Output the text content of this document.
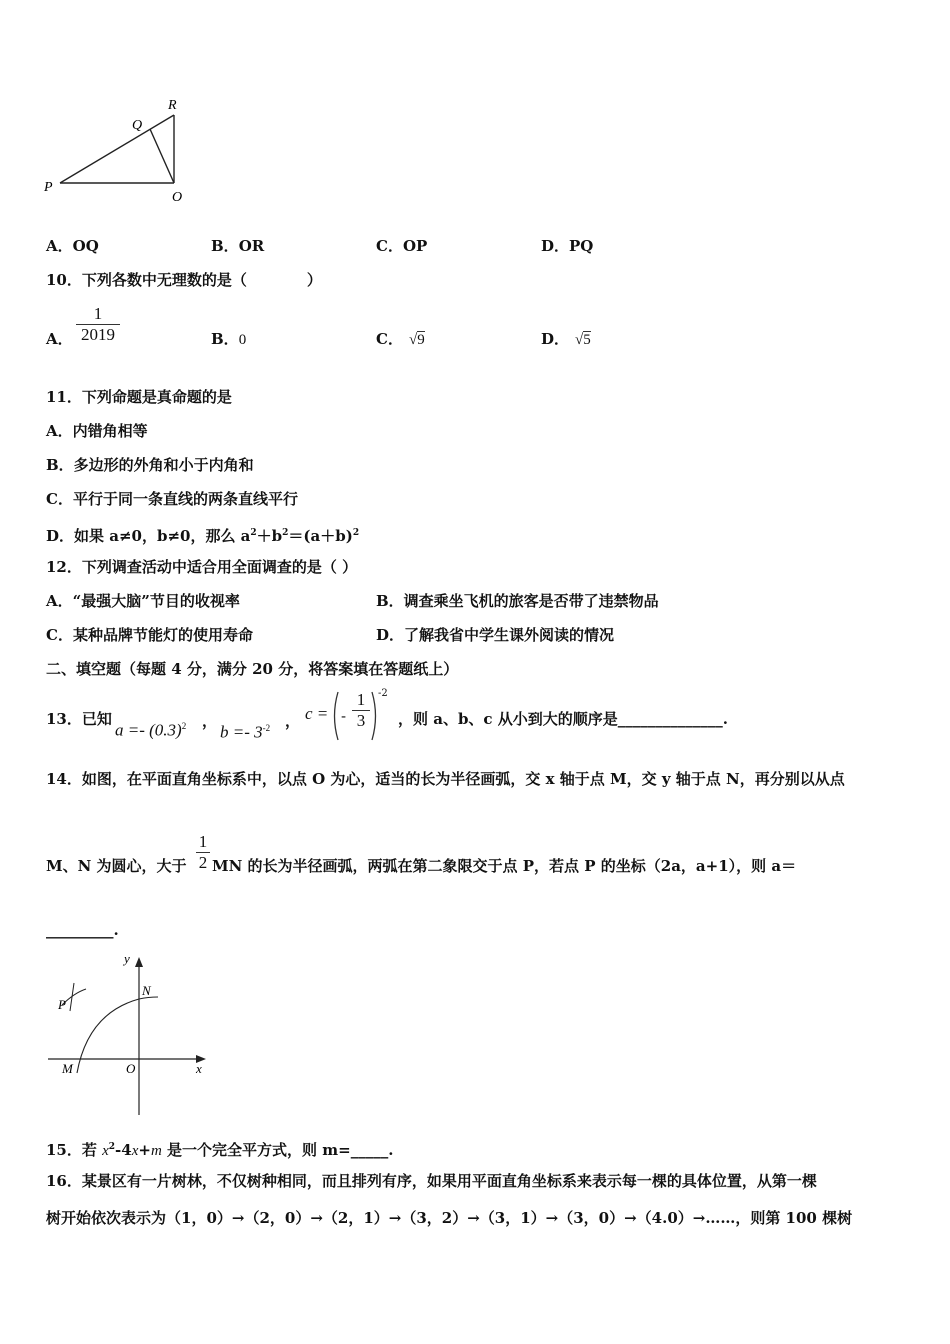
R
Q
P
O
A．OQ	B．OR	C．OP	D．PQ
10．下列各数中无理数的是（　　　　）
A．
1
2019	B．0	C． √9	D． √5
11．下列命题是真命题的是
A．内错角相等
B．多边形的外角和小于内角和
C．平行于同一条直线的两条直线平行
D．如果 a≠0，b≠0，那么 $a^2+b^2=(a+b)^2$
12．下列调查活动中适合用全面调查的是（ ）
A．“最强大脑”节目的收视率	B．调查乘坐飞机的旅客是否带了违禁物品
C．某种品牌节能灯的使用寿命	D．了解我省中学生课外阅读的情况
二、填空题（每题 4 分，满分 20 分，将答案填在答题纸上）
13．已知
$a =- (0.3)^2$ ，
$b =- 3^{-2}$ ， c = -
1
3
-2
，则 a、b、c 从小到大的顺序是______________.
14．如图，在平面直角坐标系中，以点 O 为心，适当的长为半径画弧，交 x 轴于点 M，交 y 轴于点 N，再分别以从点
M、N 为圆心，大于
1
2 MN 的长为半径画弧，两弧在第二象限交于点 P，若点 P 的坐标（2a，a+1），则 a＝
_________.
y
N
P
M	O	x
15．若 $x^2-4x+m$ 是一个完全平方式，则 m=_____.
16．某景区有一片树林，不仅树种相同，而且排列有序，如果用平面直角坐标系来表示每一棵的具体位置，从第一棵
树开始依次表示为（1，0）→（2，0）→（2，1）→（3，2）→（3，1）→（3，0）→（4.0）→……，则第 100 棵树
